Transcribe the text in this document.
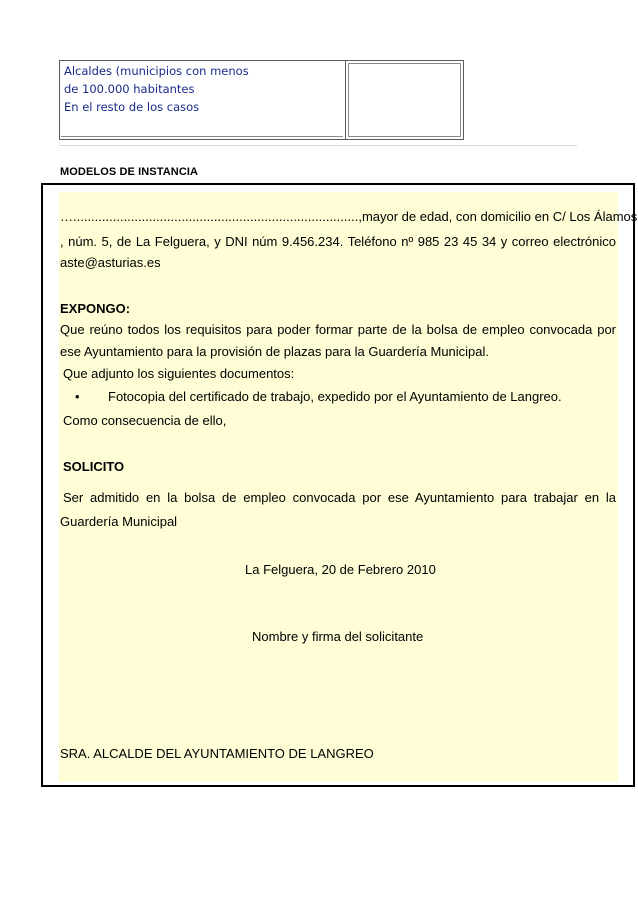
Alcaldes (municipios con menos
de 100.000 habitantes
En el resto de los casos
MODELOS DE INSTANCIA
…..............................................................................., mayor de edad, con domicilio en C/ Los Álamos
, núm. 5, de La Felguera, y DNI núm 9.456.234. Teléfono nº 985 23 45 34 y correo electrónico
aste@asturias.es
EXPONGO:
Que reúno todos los requisitos para poder formar parte de la bolsa de empleo convocada por
ese Ayuntamiento para la provisión de plazas para la Guardería Municipal.
Que adjunto los siguientes documentos:
• Fotocopia del certificado de trabajo, expedido por el Ayuntamiento de Langreo.
Como consecuencia de ello,
SOLICITO
Ser admitido en la bolsa de empleo convocada por ese Ayuntamiento para trabajar en la
Guardería Municipal
La Felguera, 20 de Febrero 2010
Nombre y firma del solicitante
SRA. ALCALDE DEL AYUNTAMIENTO DE LANGREO
